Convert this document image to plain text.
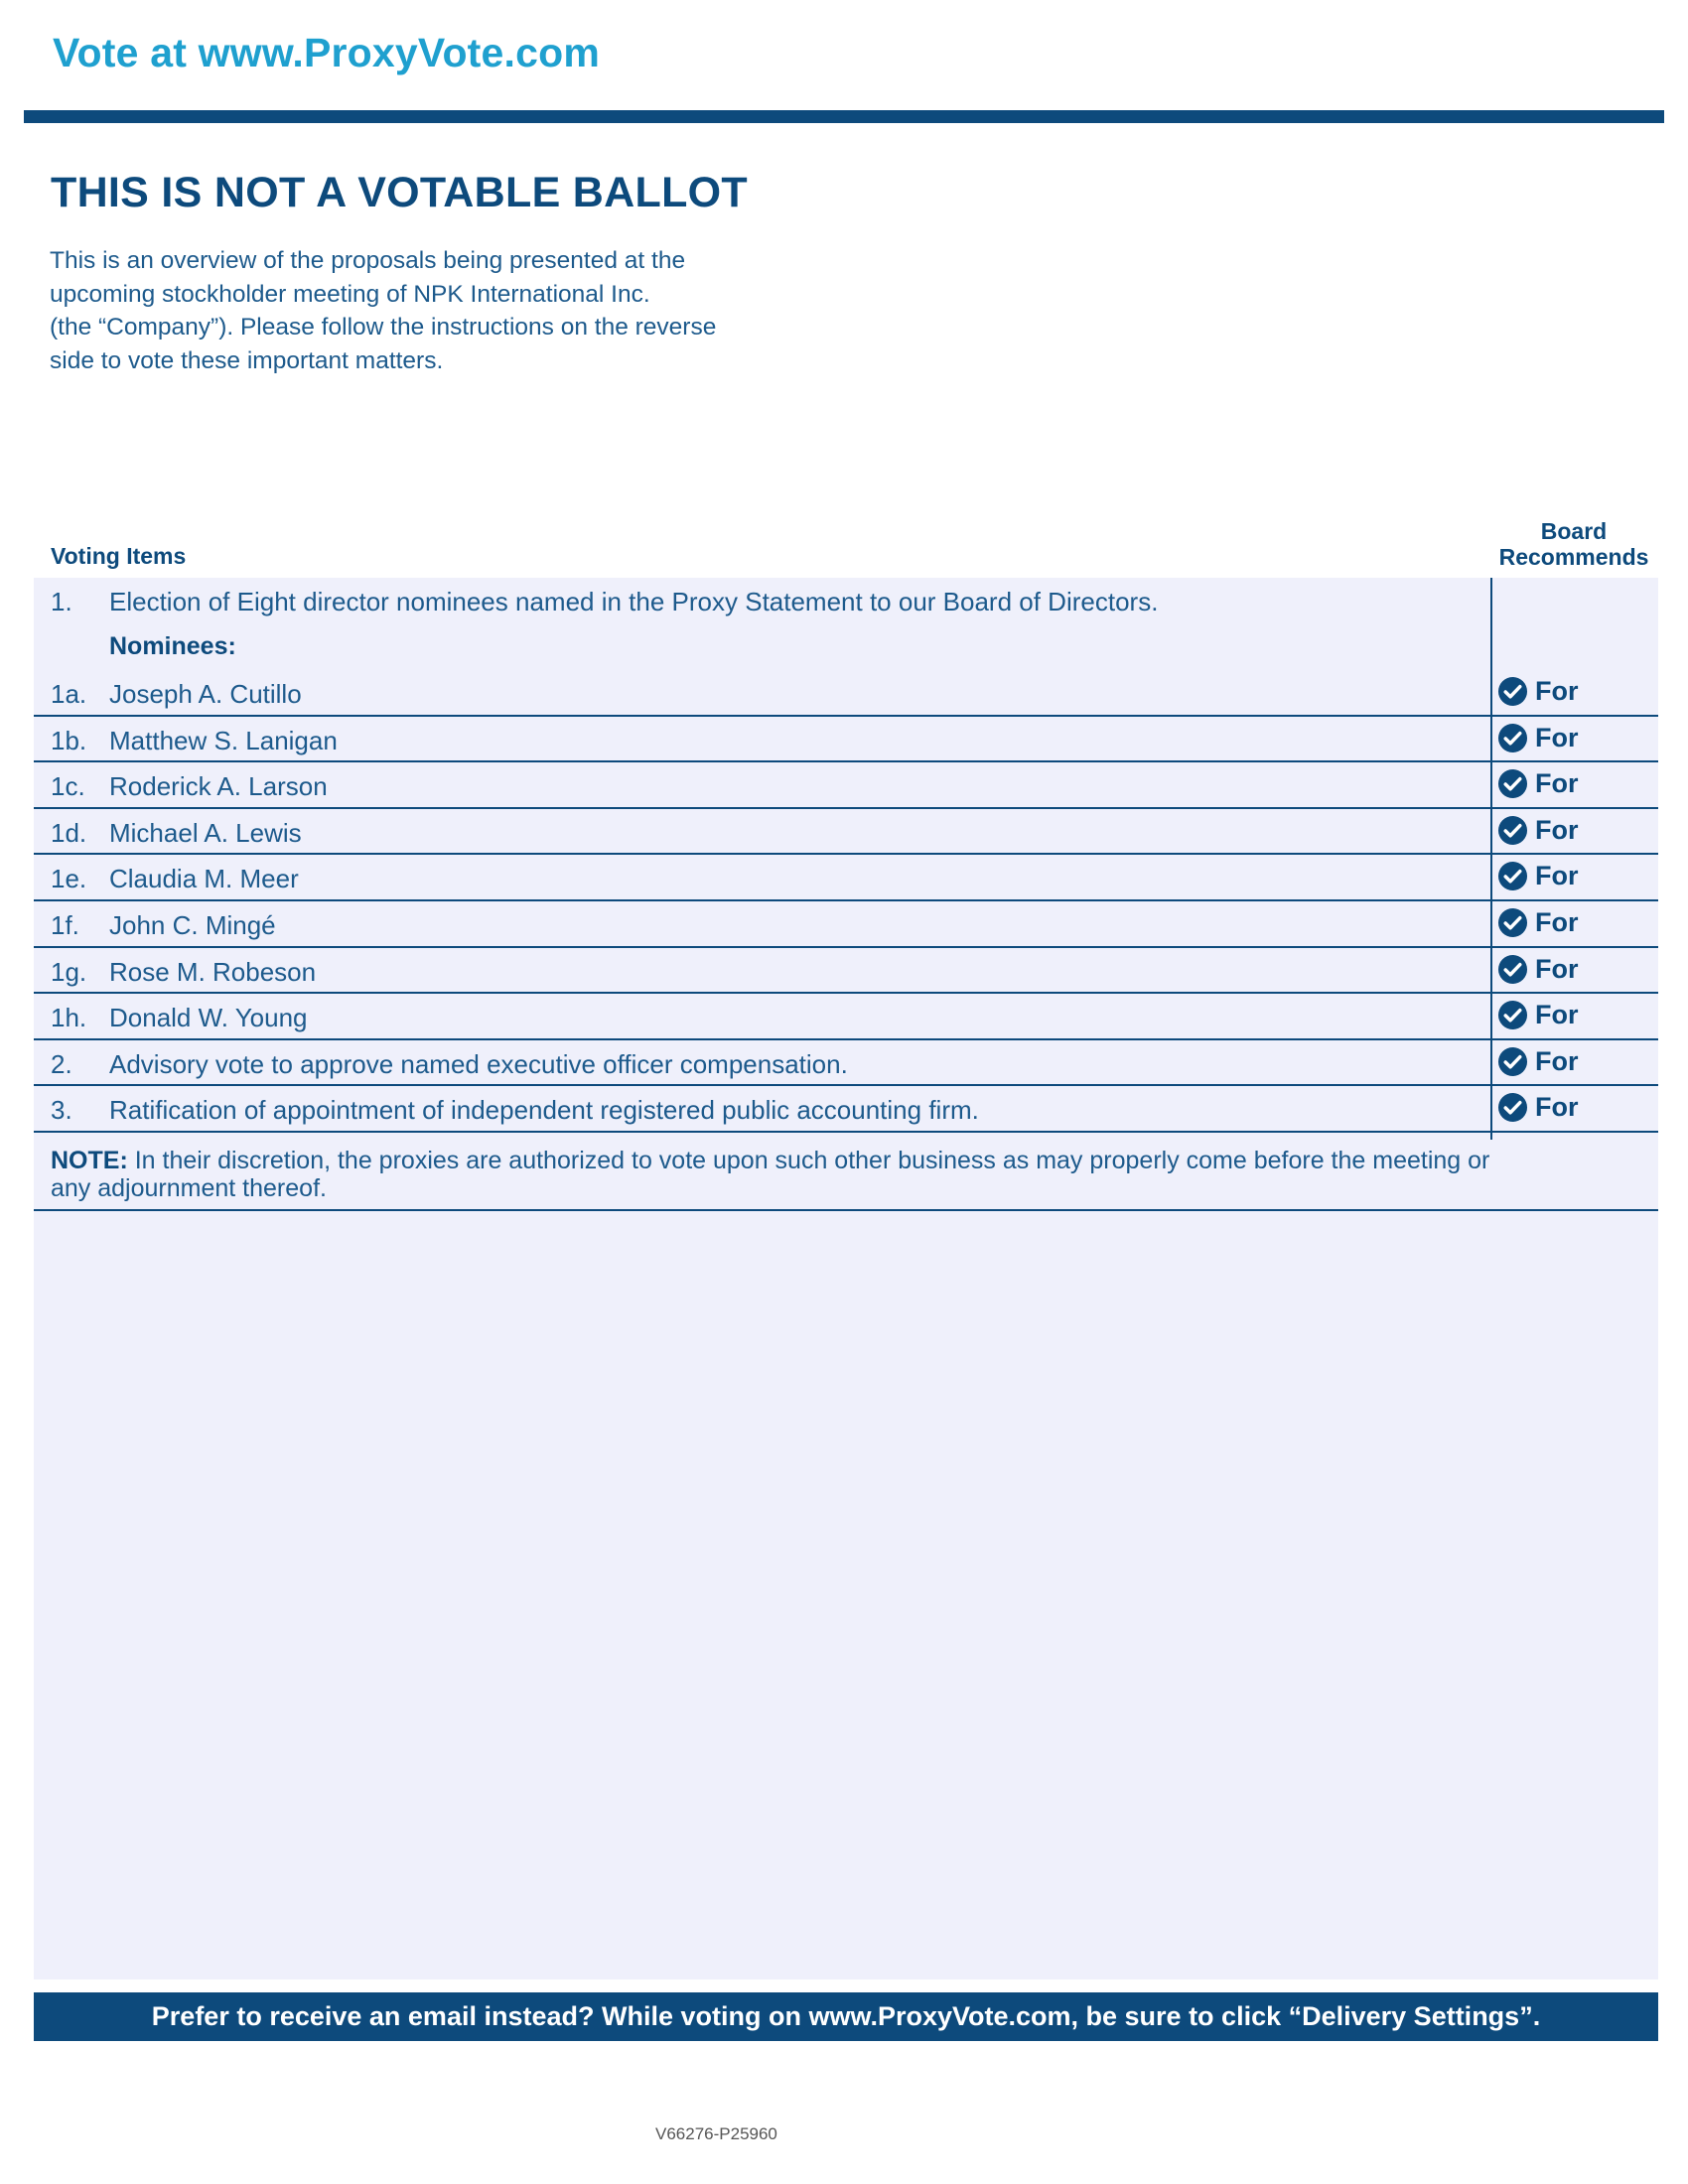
Vote at www.ProxyVote.com
THIS IS NOT A VOTABLE BALLOT
This is an overview of the proposals being presented at the
upcoming stockholder meeting of NPK International Inc.
(the “Company”). Please follow the instructions on the reverse
side to vote these important matters.
Voting Items
Board
Recommends
1. Election of Eight director nominees named in the Proxy Statement to our Board of Directors.
Nominees:
1a. Joseph A. Cutillo	For
1b. Matthew S. Lanigan	For
1c. Roderick A. Larson	For
1d. Michael A. Lewis	For
1e. Claudia M. Meer	For
1f. John C. Mingé	For
1g. Rose M. Robeson	For
1h. Donald W. Young	For
2. Advisory vote to approve named executive officer compensation.	For
3. Ratification of appointment of independent registered public accounting firm.	For

NOTE: In their discretion, the proxies are authorized to vote upon such other business as may properly come before the meeting or any adjournment thereof.

Prefer to receive an email instead? While voting on www.ProxyVote.com, be sure to click “Delivery Settings”.
V66276-P25960
